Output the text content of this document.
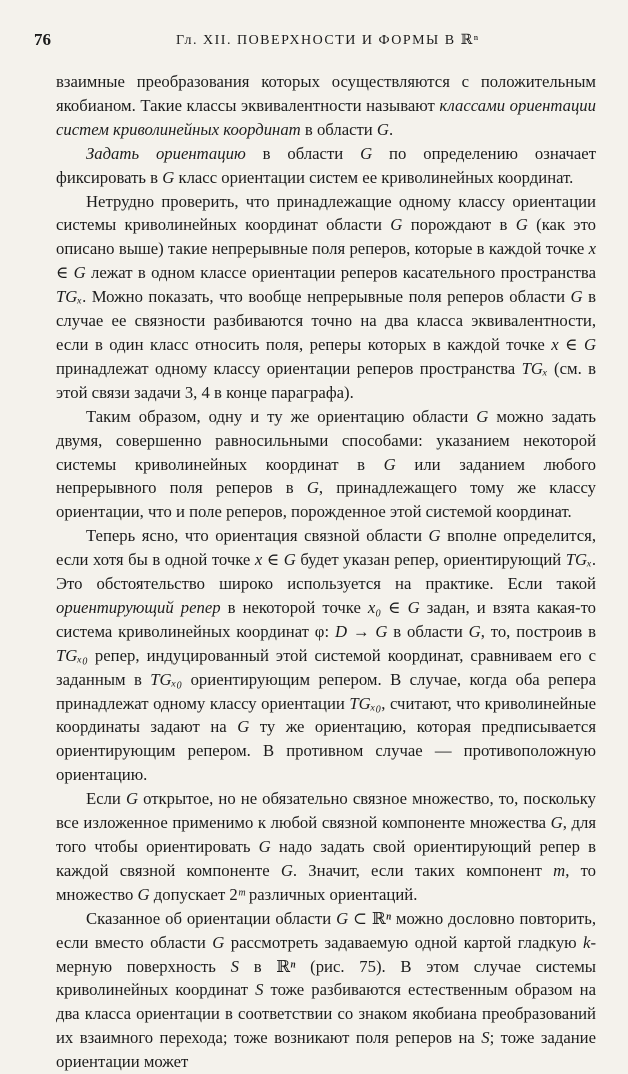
76	Гл. XII. ПОВЕРХНОСТИ И ФОРМЫ В ℝⁿ

взаимные преобразования которых осуществляются с положительным якобианом. Такие классы эквивалентности называют классами ориентации систем криволинейных координат в области G.

Задать ориентацию в области G по определению означает фиксировать в G класс ориентации систем ее криволинейных координат.

Нетрудно проверить, что принадлежащие одному классу ориентации системы криволинейных координат области G порождают в G (как это описано выше) такие непрерывные поля реперов, которые в каждой точке x ∈ G лежат в одном классе ориентации реперов касательного пространства TGₓ. Можно показать, что вообще непрерывные поля реперов области G в случае ее связности разбиваются точно на два класса эквивалентности, если в один класс относить поля, реперы которых в каждой точке x ∈ G принадлежат одному классу ориентации реперов пространства TGₓ (см. в этой связи задачи 3, 4 в конце параграфа).

Таким образом, одну и ту же ориентацию области G можно задать двумя, совершенно равносильными способами: указанием некоторой системы криволинейных координат в G или заданием любого непрерывного поля реперов в G, принадлежащего тому же классу ориентации, что и поле реперов, порожденное этой системой координат.

Теперь ясно, что ориентация связной области G вполне определится, если хотя бы в одной точке x ∈ G будет указан репер, ориентирующий TGₓ. Это обстоятельство широко используется на практике. Если такой ориентирующий репер в некоторой точке x₀ ∈ G задан, и взята какая-то система криволинейных координат φ: D → G в области G, то, построив в TGₓ₀ репер, индуцированный этой системой координат, сравниваем его с заданным в TGₓ₀ ориентирующим репером. В случае, когда оба репера принадлежат одному классу ориентации TGₓ₀, считают, что криволинейные координаты задают на G ту же ориентацию, которая предписывается ориентирующим репером. В противном случае — противоположную ориентацию.

Если G открытое, но не обязательно связное множество, то, поскольку все изложенное применимо к любой связной компоненте множества G, для того чтобы ориентировать G надо задать свой ориентирующий репер в каждой связной компоненте G. Значит, если таких компонент m, то множество G допускает 2ᵐ различных ориентаций.

Сказанное об ориентации области G ⊂ ℝⁿ можно дословно повторить, если вместо области G рассмотреть задаваемую одной картой гладкую k-мерную поверхность S в ℝⁿ (рис. 75). В этом случае системы криволинейных координат S тоже разбиваются естественным образом на два класса ориентации в соответствии со знаком якобиана преобразований их взаимного перехода; тоже возникают поля реперов на S; тоже задание ориентации может
